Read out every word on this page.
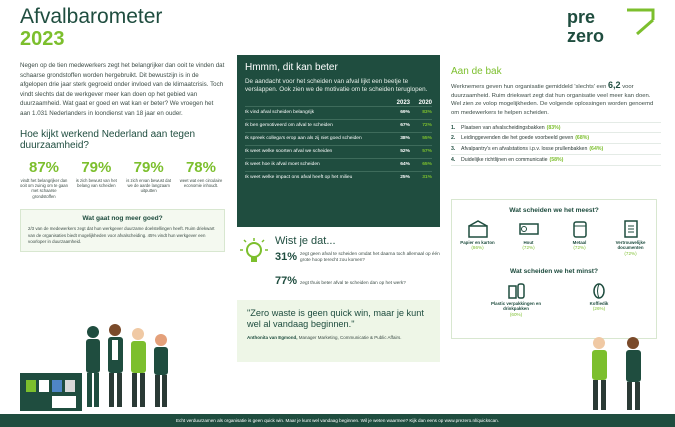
Afvalbarometer
2023

Negen op de tien medewerkers zegt het belangrijker dan ooit te vinden dat schaarse grondstoffen worden hergebruikt. Dit bewustzijn is in de afgelopen drie jaar sterk gegroeid onder invloed van de klimaatcrisis. Toch vindt slechts dat de werkgever meer kan doen op het gebied van duurzaamheid. Wat gaat er goed en wat kan er beter? We vroegen het aan 1.031 Nederlanders in loondienst van 18 jaar en ouder.

Hoe kijkt werkend Nederland aan tegen duurzaamheid?
87%
vindt het belangrijker dan ooit om zuinig om te gaan met schaarse grondstoffen
79%
is zich bewust van het belang van scheiden
79%
is zich ervan bewust dat we de aarde langzaam uitputten
78%
weet wat een circulaire economie inhoudt.
Wat gaat nog meer goed?
2/3 van de medewerkers zegt dat hun werkgever duurzame doelstellingen heeft. Ruim driekwart van de organisaties biedt mogelijkheden voor afvalscheiding. 45% vindt hun werkgever een voorloper in duurzaamheid.
Hmmm, dit kan beter
De aandacht voor het scheiden van afval lijkt een beetje te verslappen. Ook zien we de motivatie om te scheiden teruglopen.
2023	2020
Ik vind afval scheiden belangrijk	69%	83%
Ik ben gemotiveerd om afval te scheiden	67%	72%
Ik spreek collega's erop aan als zij niet goed scheiden	38%	55%
Ik weet welke soorten afval we scheiden	52%	57%
Ik weet hoe ik afval moet scheiden	64%	65%
Ik weet welke impact ons afval heeft op het milieu	25%	31%
Wist je dat...
31% zegt geen afval te scheiden omdat het daarna toch allemaal op één grote hoop terecht zou komen?
77% zegt thuis beter afval te scheiden dan op het werk?
"Zero waste is geen quick win, maar je kunt wel al vandaag beginnen."
Anthonita van Egmond, Manager Marketing, Communicatie & Public Affairs.
pre
zero
Aan de bak

Werknemers geven hun organisatie gemiddeld 'slechts' een 6,2 voor duurzaamheid. Ruim driekwart zegt dat hun organisatie veel meer kan doen. Wel zien ze volop mogelijkheden. De volgende oplossingen worden genoemd om medewerkers te helpen scheiden.

1.	Plaatsen van afvalscheidingsbakken (83%)
2.	Leidinggevenden die het goede voorbeeld geven (68%)
3.	Afvalpantry's en afvalstations i.p.v. losse prullenbakken (64%)
4.	Duidelijke richtlijnen en communicatie (58%)
Wat scheiden we het meest?
Papier en karton
(86%)
Hout
(72%)
Metaal
(72%)
Vertrouwelijke documenten
(72%)
Wat scheiden we het minst?
Plastic verpakkingen en drinkpakken
(60%)
Koffiedik
(26%)
Echt verduurzamen als organisatie is geen quick win. Maar je kunt wel vandaag beginnen. Wil je weten waarmee? Kijk dan eens op www.prezero.nl/quickscan.
